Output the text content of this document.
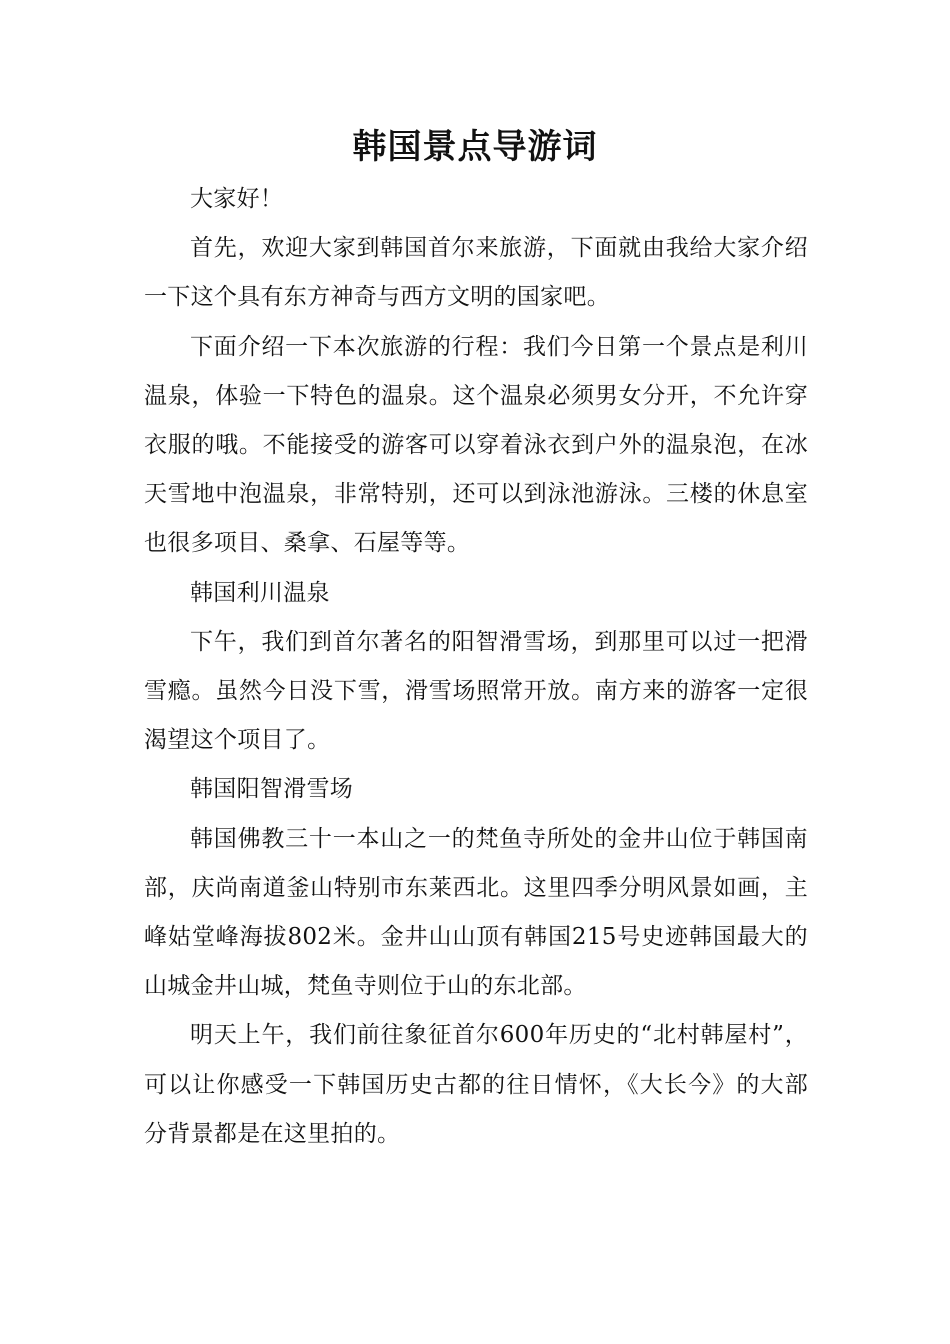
韩国景点导游词

大家好！

首先，欢迎大家到韩国首尔来旅游，下面就由我给大家介绍一下这个具有东方神奇与西方文明的国家吧。

下面介绍一下本次旅游的行程：我们今日第一个景点是利川温泉，体验一下特色的温泉。这个温泉必须男女分开，不允许穿衣服的哦。不能接受的游客可以穿着泳衣到户外的温泉泡，在冰天雪地中泡温泉，非常特别，还可以到泳池游泳。三楼的休息室也很多项目、桑拿、石屋等等。

韩国利川温泉

下午，我们到首尔著名的阳智滑雪场，到那里可以过一把滑雪瘾。虽然今日没下雪，滑雪场照常开放。南方来的游客一定很渴望这个项目了。

韩国阳智滑雪场

韩国佛教三十一本山之一的梵鱼寺所处的金井山位于韩国南部，庆尚南道釜山特别市东莱西北。这里四季分明风景如画，主峰姑堂峰海拔802米。金井山山顶有韩国215号史迹韩国最大的山城金井山城，梵鱼寺则位于山的东北部。

明天上午，我们前往象征首尔600年历史的“北村韩屋村”，可以让你感受一下韩国历史古都的往日情怀，《大长今》的大部分背景都是在这里拍的。
